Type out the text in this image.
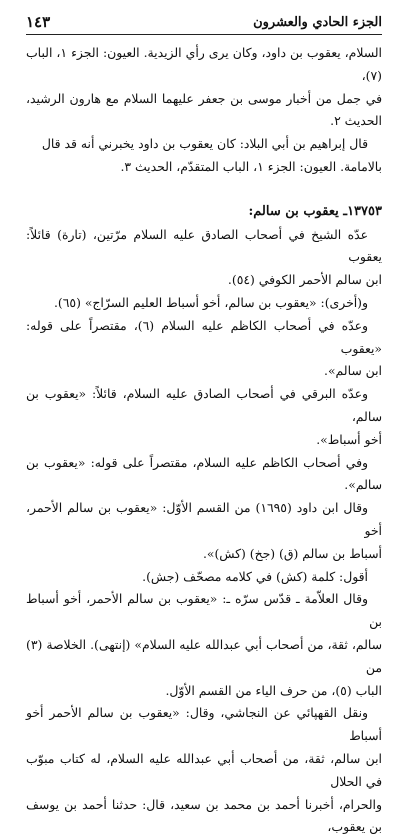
الجزء الحادي والعشرون
١٤٣

السلام، يعقوب بن داود، وكان يرى رأي الزيدية. العيون: الجزء ١، الباب (٧)،

في جمل من أخبار موسى بن جعفر عليهما السلام مع هارون الرشيد، الحديث ٢.

قال إبراهيم بن أبي البلاد: كان يعقوب بن داود يخبرني أنه قد قال

بالامامة. العيون: الجزء ١، الباب المتقدّم، الحديث ٣.

١٣٧٥٣ـ يعقوب بن سالم:

عدّه الشيخ في أصحاب الصادق عليه السلام مرّتين، (تارة) قائلاً: يعقوب

ابن سالم الأحمر الكوفي (٥٤).

و(أخرى): «يعقوب بن سالم، أخو أسباط العليم السرّاج» (٦٥).

وعدّه في أصحاب الكاظم عليه السلام (٦)، مقتصراً على قوله: «يعقوب

ابن سالم».

وعدّه البرقي في أصحاب الصادق عليه السلام، قائلاً: «يعقوب بن سالم،

أخو أسباط».

وفي أصحاب الكاظم عليه السلام، مقتصراً على قوله: «يعقوب بن سالم».

وقال ابن داود (١٦٩٥) من القسم الأوّل: «يعقوب بن سالم الأحمر، أخو

أسباط بن سالم (ق) (جخ) (كش)».

أقول: كلمة (كش) في كلامه مصحّف (جش).

وقال العلاّمة ـ قدّس سرّه ـ: «يعقوب بن سالم الأحمر، أخو أسباط بن

سالم، ثقة، من أصحاب أبي عبدالله عليه السلام» (إنتهى). الخلاصة (٣) من

الباب (٥)، من حرف الياء من القسم الأوّل.

ونقل القهپائي عن النجاشي، وقال: «يعقوب بن سالم الأحمر أخو أسباط

ابن سالم، ثقة، من أصحاب أبي عبدالله عليه السلام، له كتاب مبوّب في الحلال

والحرام، أخبرنا أحمد بن محمد بن سعيد، قال: حدثنا أحمد بن يوسف بن يعقوب،
